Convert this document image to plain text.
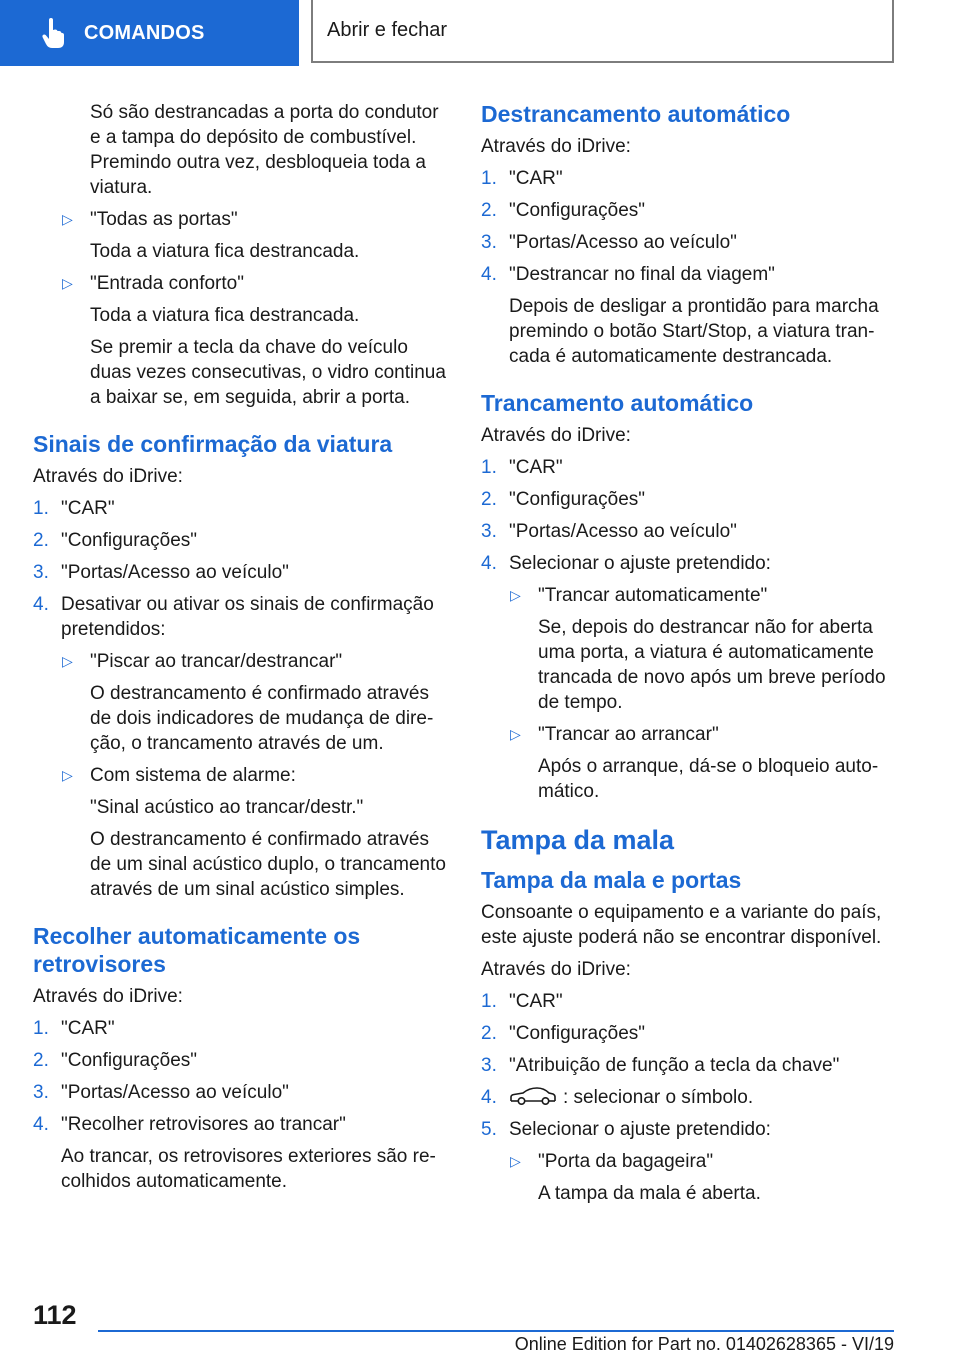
COMANDOS	Abrir e fechar

Só são destrancadas a porta do condutor e a tampa do depósito de combustível. Premindo outra vez, desbloqueia toda a viatura.

▷ "Todas as portas"

Toda a viatura fica destrancada.

▷ "Entrada conforto"

Toda a viatura fica destrancada.

Se premir a tecla da chave do veículo duas vezes consecutivas, o vidro continua a baixar se, em seguida, abrir a porta.

Sinais de confirmação da viatura

Através do iDrive:

1. "CAR"
2. "Configurações"
3. "Portas/Acesso ao veículo"
4. Desativar ou ativar os sinais de confirmação pretendidos:
▷ "Piscar ao trancar/destrancar"

O destrancamento é confirmado através de dois indicadores de mudança de direção, o trancamento através de um.

▷ Com sistema de alarme:

"Sinal acústico ao trancar/destr."

O destrancamento é confirmado através de um sinal acústico duplo, o trancamento através de um sinal acústico simples.

Recolher automaticamente os retrovisores

Através do iDrive:

1. "CAR"
2. "Configurações"
3. "Portas/Acesso ao veículo"
4. "Recolher retrovisores ao trancar"

Ao trancar, os retrovisores exteriores são recolhidos automaticamente.

Destrancamento automático

Através do iDrive:

1. "CAR"
2. "Configurações"
3. "Portas/Acesso ao veículo"
4. "Destrancar no final da viagem"

Depois de desligar a prontidão para marcha premindo o botão Start/Stop, a viatura trancada é automaticamente destrancada.

Trancamento automático

Através do iDrive:

1. "CAR"
2. "Configurações"
3. "Portas/Acesso ao veículo"
4. Selecionar o ajuste pretendido:
▷ "Trancar automaticamente"

Se, depois do destrancar não for aberta uma porta, a viatura é automaticamente trancada de novo após um breve período de tempo.

▷ "Trancar ao arrancar"

Após o arranque, dá-se o bloqueio automático.

Tampa da mala
Tampa da mala e portas

Consoante o equipamento e a variante do país, este ajuste poderá não se encontrar disponível.

Através do iDrive:

1. "CAR"
2. "Configurações"
3. "Atribuição de função a tecla da chave"
4.	: selecionar o símbolo.
5. Selecionar o ajuste pretendido:
▷ "Porta da bagageira"

A tampa da mala é aberta.

112
Online Edition for Part no. 01402628365 - VI/19
